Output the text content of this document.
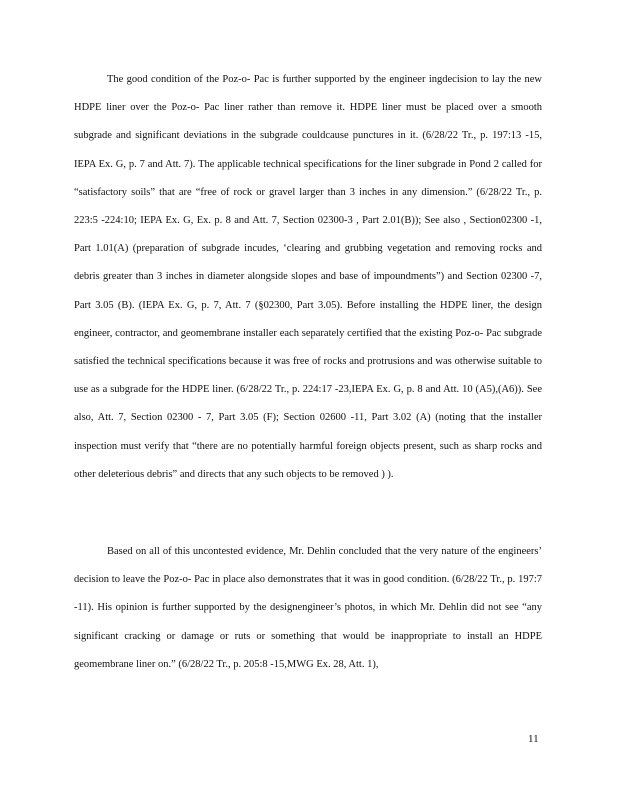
The good condition of the Poz-o- Pac is further supported by the engineer ingdecision to lay the new HDPE liner over the Poz-o- Pac liner rather than remove it. HDPE liner must be placed over a smooth subgrade and significant deviations in the subgrade couldcause punctures in it. (6/28/22 Tr., p. 197:13 -15, IEPA Ex. G, p. 7 and Att. 7). The applicable technical specifications for the liner subgrade in Pond 2 called for “satisfactory soils” that are “free of rock or gravel larger than 3 inches in any dimension.” (6/28/22 Tr., p. 223:5 -224:10; IEPA Ex. G, Ex. p. 8 and Att. 7, Section 02300-3 , Part 2.01(B)); See also , Section02300 -1, Part 1.01(A) (preparation of subgrade incudes, ‘clearing and grubbing vegetation and removing rocks and debris greater than 3 inches in diameter alongside slopes and base of impoundments”) and Section 02300 -7, Part 3.05 (B). (IEPA Ex. G, p. 7, Att. 7 (§02300, Part 3.05). Before installing the HDPE liner, the design engineer, contractor, and geomembrane installer each separately certified that the existing Poz-o- Pac subgrade satisfied the technical specifications because it was free of rocks and protrusions and was otherwise suitable to use as a subgrade for the HDPE liner. (6/28/22 Tr., p. 224:17 -23,IEPA Ex. G, p. 8 and Att. 10 (A5),(A6)). See also, Att. 7, Section 02300 - 7, Part 3.05 (F); Section 02600 -11, Part 3.02 (A) (noting that the installer inspection must verify that “there are no potentially harmful foreign objects present, such as sharp rocks and other deleterious debris” and directs that any such objects to be removed ) ).

Based on all of this uncontested evidence, Mr. Dehlin concluded that the very nature of the engineers’ decision to leave the Poz-o- Pac in place also demonstrates that it was in good condition. (6/28/22 Tr., p. 197:7 -11). His opinion is further supported by the designengineer’s photos, in which Mr. Dehlin did not see “any significant cracking or damage or ruts or something that would be inappropriate to install an HDPE geomembrane liner on.” (6/28/22 Tr., p. 205:8 -15,MWG Ex. 28, Att. 1),

11
